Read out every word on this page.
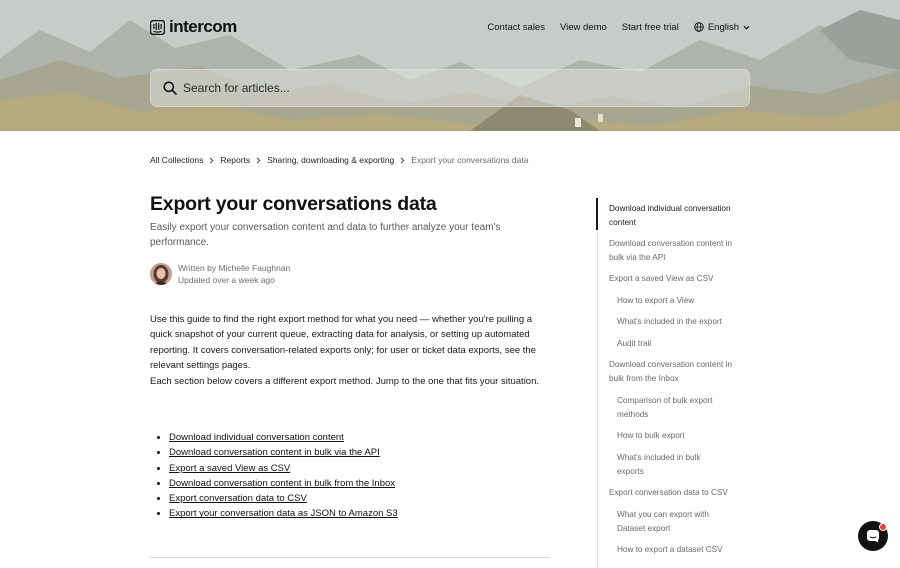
intercom	Contact sales View demo Start free trial	English
Search for articles...
All Collections Reports Sharing, downloading & exporting Export your conversations data
Export your conversations data

Easily export your conversation content and data to further analyze your team's performance.

Written by Michelle Faughnan
Updated over a week ago
Use this guide to find the right export method for what you need — whether you're pulling a quick snapshot of your current queue, extracting data for analysis, or setting up automated reporting. It covers conversation-related exports only; for user or ticket data exports, see the relevant settings pages.
Each section below covers a different export method. Jump to the one that fits your situation.
• Download individual conversation content
• Download conversation content in bulk via the API
• Export a saved View as CSV
• Download conversation content in bulk from the Inbox
• Export conversation data to CSV
• Export your conversation data as JSON to Amazon S3
Download individual conversation content
Download conversation content in bulk via the API
Export a saved View as CSV
How to export a View
What's included in the export
Audit trail
Download conversation content in bulk from the Inbox
Comparison of bulk export methods
How to bulk export
What's included in bulk exports
Export conversation data to CSV
What you can export with Dataset export
How to export a dataset CSV
